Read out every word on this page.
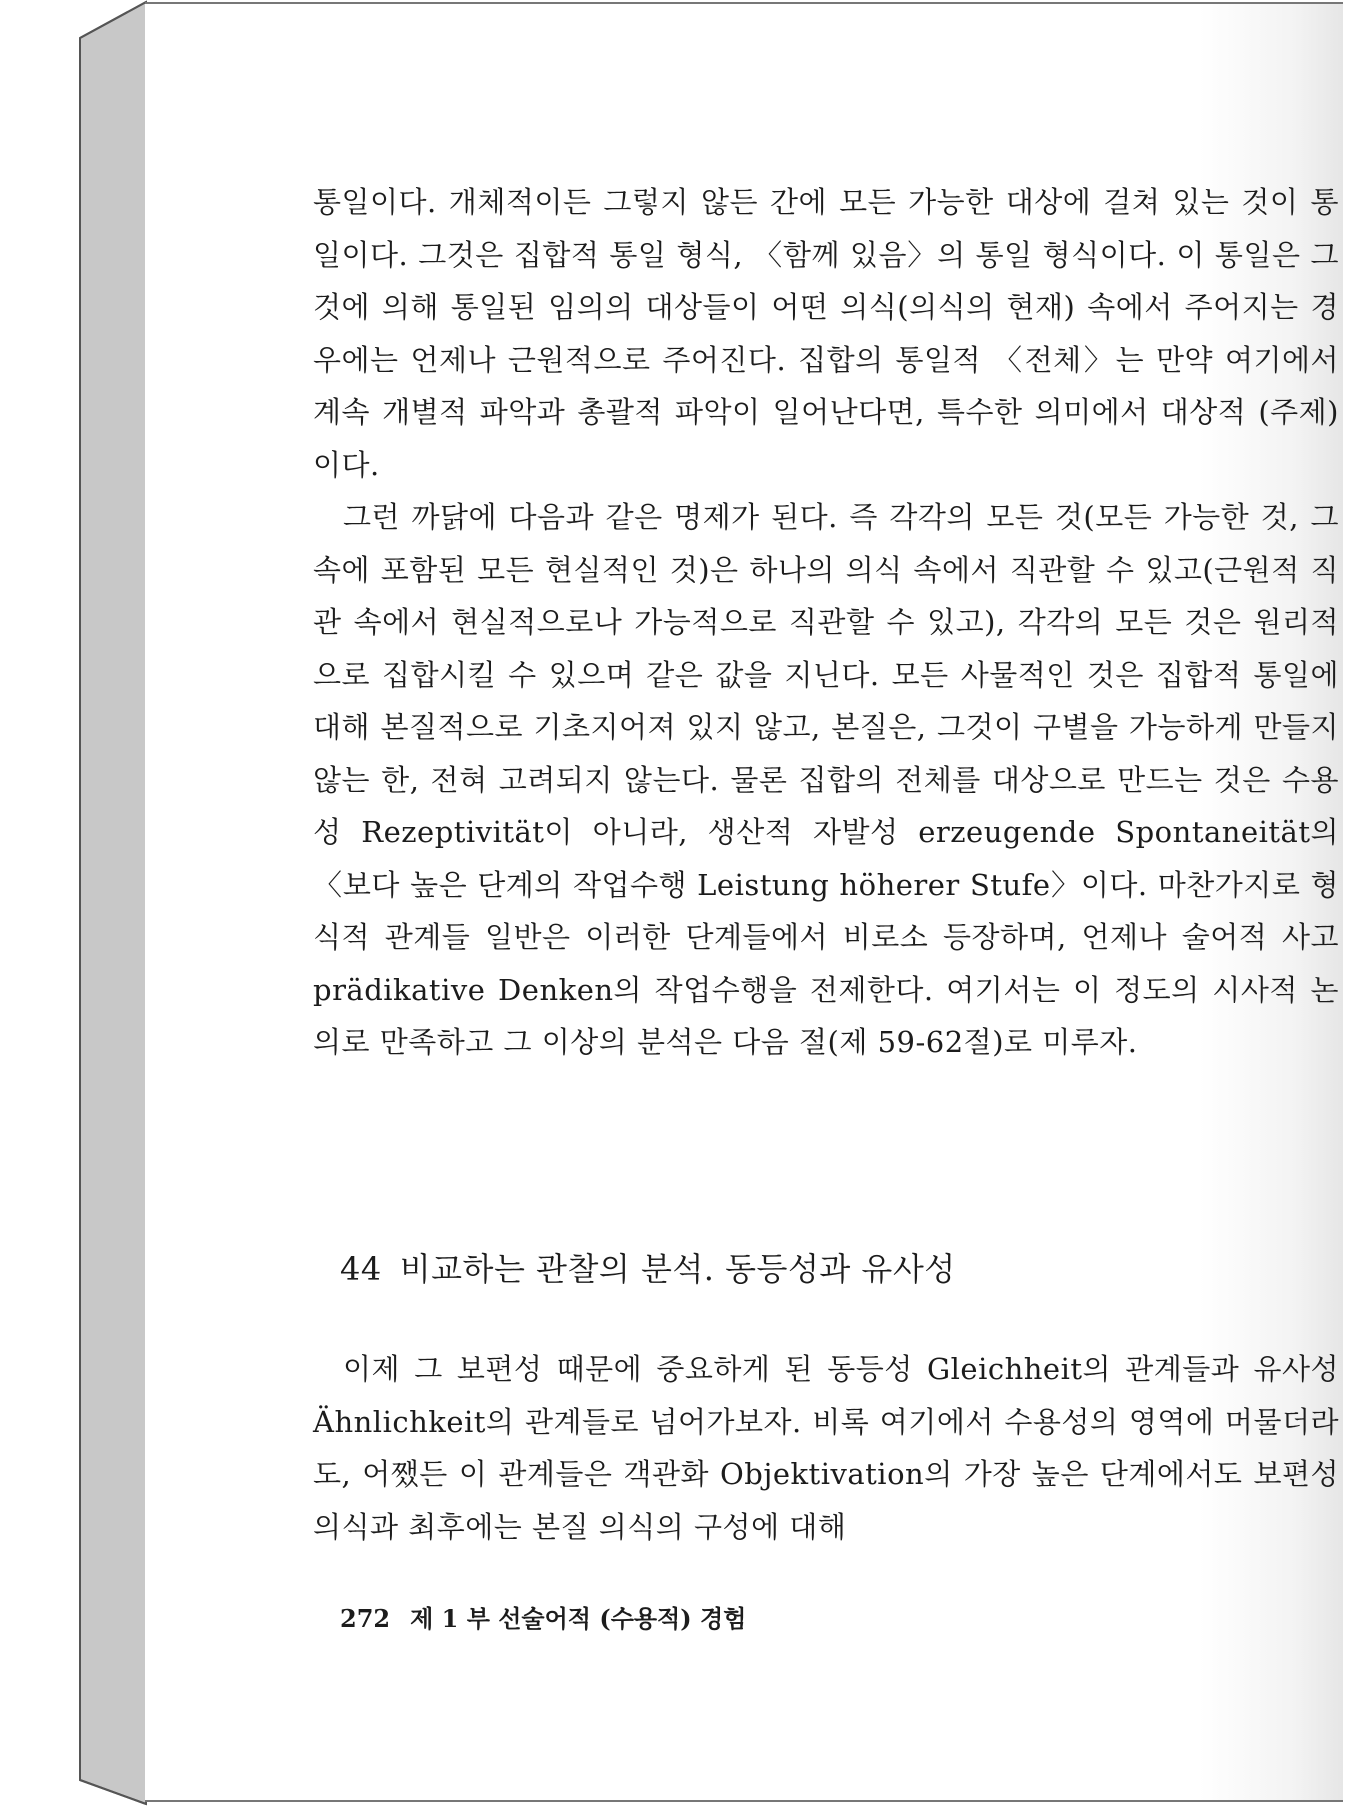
통일이다. 개체적이든 그렇지 않든 간에 모든 가능한 대상에 걸쳐 있는 것이 통일이다. 그것은 집합적 통일 형식, 〈함께 있음〉의 통일 형식이다. 이 통일은 그것에 의해 통일된 임의의 대상들이 어떤 의식(의식의 현재) 속에서 주어지는 경우에는 언제나 근원적으로 주어진다. 집합의 통일적 〈전체〉는 만약 여기에서 계속 개별적 파악과 총괄적 파악이 일어난다면, 특수한 의미에서 대상적 (주제)이다.

그런 까닭에 다음과 같은 명제가 된다. 즉 각각의 모든 것(모든 가능한 것, 그 속에 포함된 모든 현실적인 것)은 하나의 의식 속에서 직관할 수 있고(근원적 직관 속에서 현실적으로나 가능적으로 직관할 수 있고), 각각의 모든 것은 원리적으로 집합시킬 수 있으며 같은 값을 지닌다. 모든 사물적인 것은 집합적 통일에 대해 본질적으로 기초지어져 있지 않고, 본질은, 그것이 구별을 가능하게 만들지 않는 한, 전혀 고려되지 않는다. 물론 집합의 전체를 대상으로 만드는 것은 수용성 Rezeptivität이 아니라, 생산적 자발성 erzeugende Spontaneität의 〈보다 높은 단계의 작업수행 Leistung höherer Stufe〉이다. 마찬가지로 형식적 관계들 일반은 이러한 단계들에서 비로소 등장하며, 언제나 술어적 사고 prädikative Denken의 작업수행을 전제한다. 여기서는 이 정도의 시사적 논의로 만족하고 그 이상의 분석은 다음 절(제 59-62절)로 미루자.

44 비교하는 관찰의 분석. 동등성과 유사성

이제 그 보편성 때문에 중요하게 된 동등성 Gleichheit의 관계들과 유사성 Ähnlichkeit의 관계들로 넘어가보자. 비록 여기에서 수용성의 영역에 머물더라도, 어쨌든 이 관계들은 객관화 Objektivation의 가장 높은 단계에서도 보편성 의식과 최후에는 본질 의식의 구성에 대해

272 제 1 부 선술어적 (수용적) 경험
